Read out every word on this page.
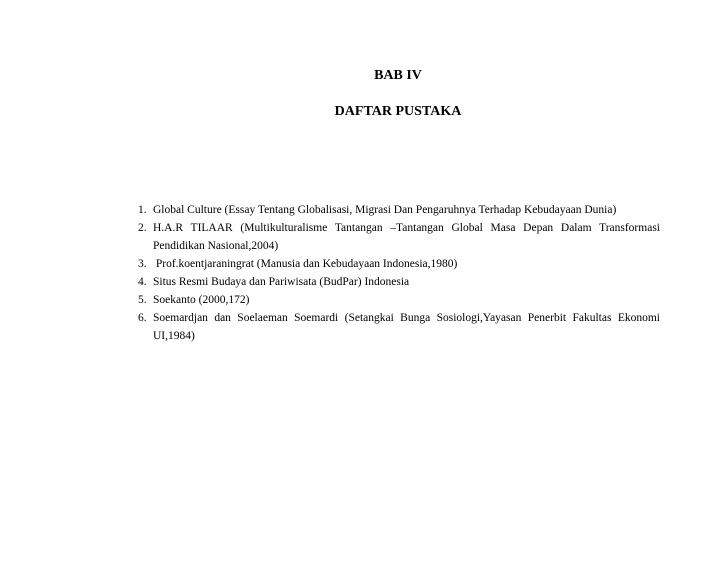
BAB IV
DAFTAR PUSTAKA
1. Global Culture (Essay Tentang Globalisasi, Migrasi Dan Pengaruhnya Terhadap Kebudayaan Dunia)
2. H.A.R TILAAR (Multikulturalisme Tantangan –Tantangan Global Masa Depan Dalam Transformasi
Pendidikan Nasional,2004)
3. Prof.koentjaraningrat (Manusia dan Kebudayaan Indonesia,1980)
4. Situs Resmi Budaya dan Pariwisata (BudPar) Indonesia
5. Soekanto (2000,172)
6. Soemardjan dan Soelaeman Soemardi (Setangkai Bunga Sosiologi,Yayasan Penerbit Fakultas Ekonomi
UI,1984)
